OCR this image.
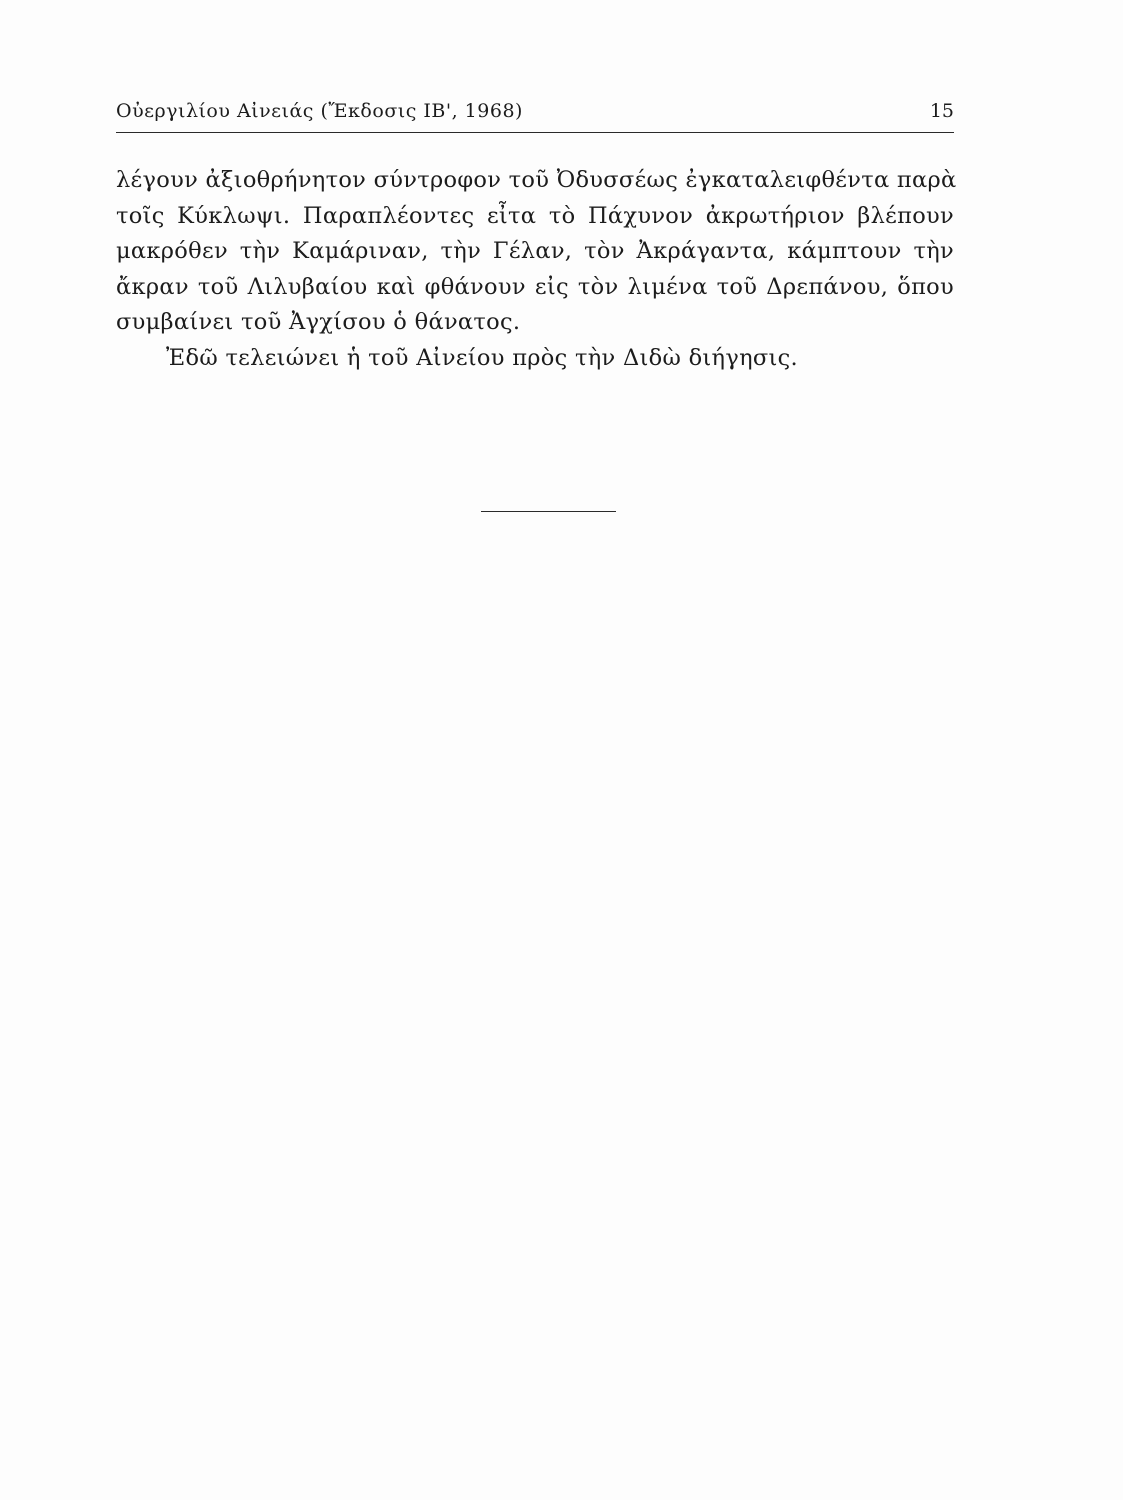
Οὐεργιλίου Αἰνειάς (Ἔκδοσις ΙΒ', 1968)	15
λέγουν ἀξιοθρήνητον σύντροφον τοῦ Ὀδυσσέως ἐγκαταλειφθέντα παρὰ
τοῖς Κύκλωψι. Παραπλέοντες εἶτα τὸ Πάχυνον ἀκρωτήριον βλέπουν
μακρόθεν τὴν Καμάριναν, τὴν Γέλαν, τὸν Ἀκράγαντα, κάμπτουν τὴν
ἄκραν τοῦ Λιλυβαίου καὶ φθάνουν εἰς τὸν λιμένα τοῦ Δρεπάνου, ὅπου
συμβαίνει τοῦ Ἀγχίσου ὁ θάνατος.
Ἐδῶ τελειώνει ἡ τοῦ Αἰνείου πρὸς τὴν Διδὼ διήγησις.
